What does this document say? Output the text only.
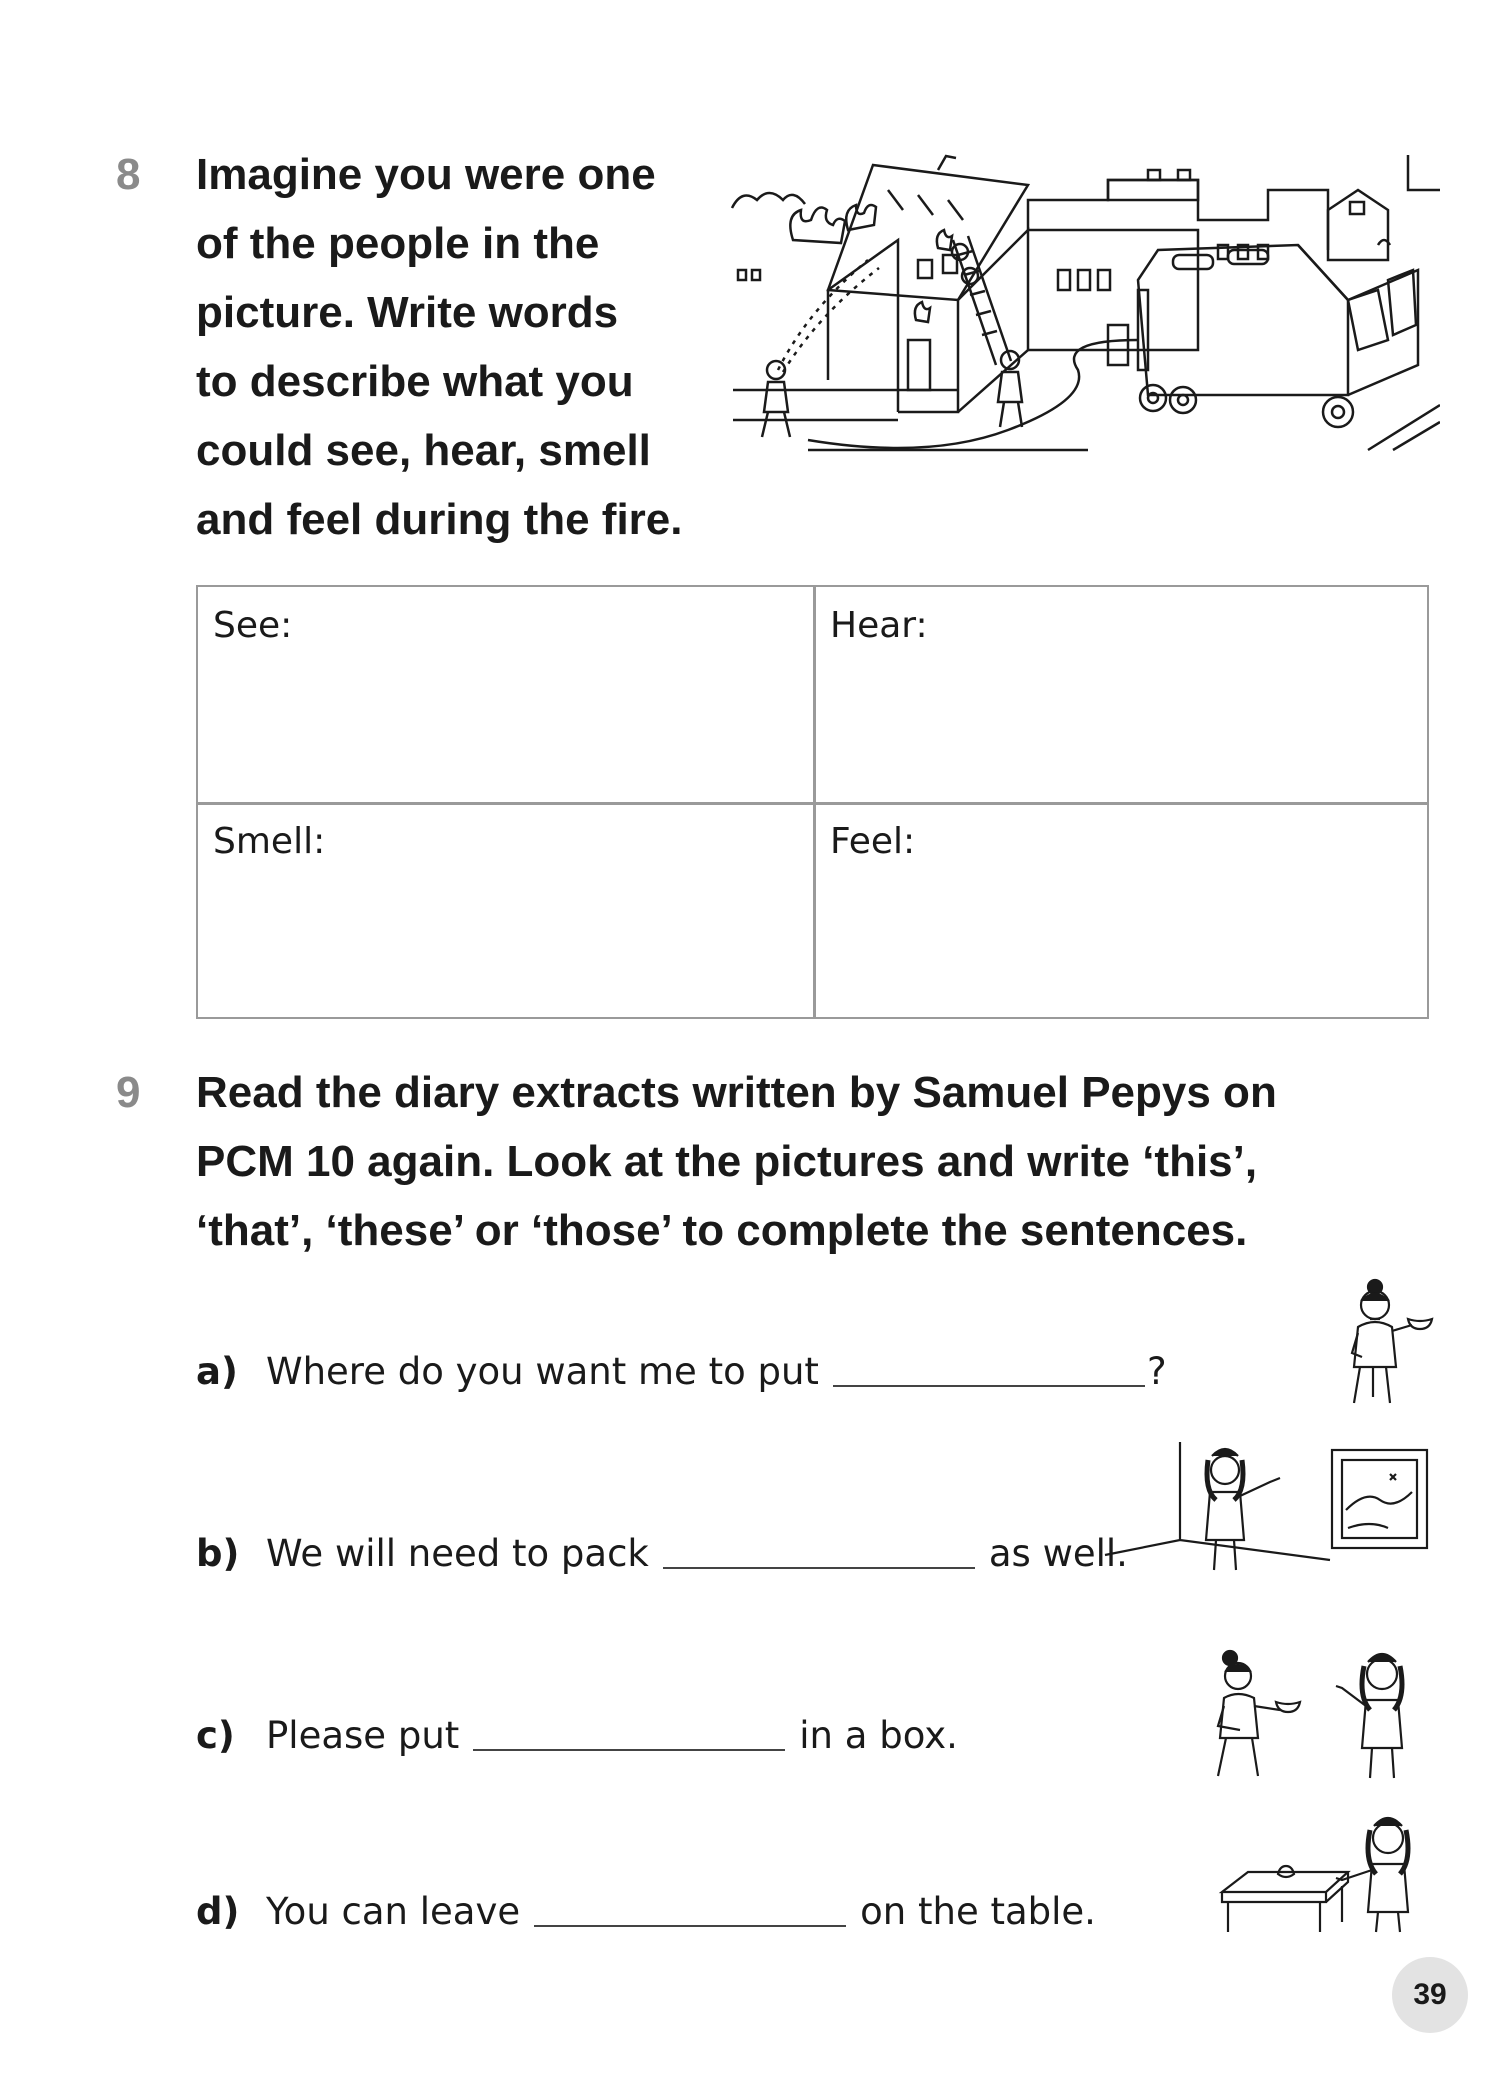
8 Imagine you were one
of the people in the
picture. Write words
to describe what you
could see, hear, smell
and feel during the fire.
See:	Hear:
Smell:	Feel:
9 Read the diary extracts written by Samuel Pepys on
PCM 10 again. Look at the pictures and write ‘this’,
‘that’, ‘these’ or ‘those’ to complete the sentences.
a) Where do you want me to put	?
b) We will need to pack	as well.
c) Please put	in a box.
d) You can leave	on the table.
39
